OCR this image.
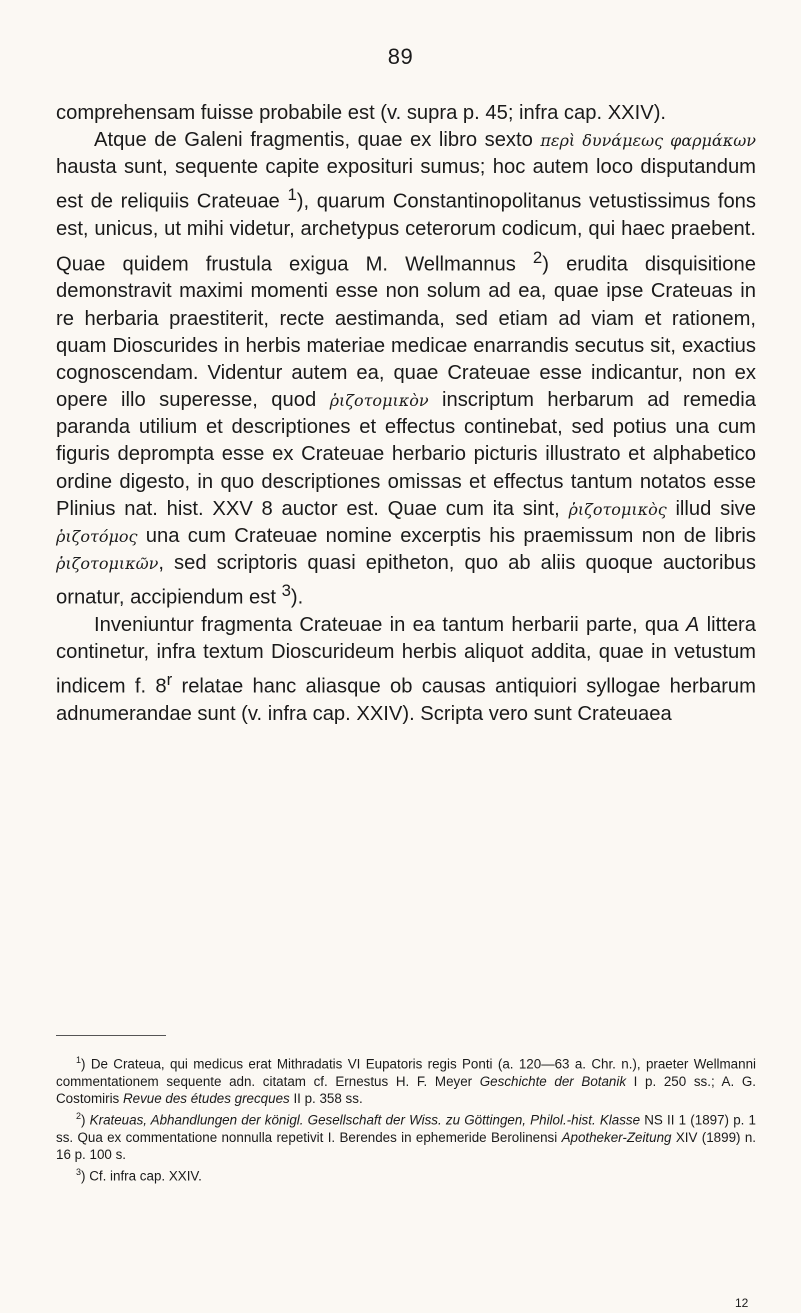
89

comprehensam fuisse probabile est (v. supra p. 45; infra cap. XXIV).

Atque de Galeni fragmentis, quae ex libro sexto περὶ δυνάμεως φαρμάκων hausta sunt, sequente capite exposituri sumus; hoc autem loco disputandum est de reliquiis Crateuae $^1$), quarum Constantinopolitanus vetustissimus fons est, unicus, ut mihi videtur, archetypus ceterorum codicum, qui haec praebent. Quae quidem frustula exigua M. Wellmannus $^2$) erudita disquisitione demonstravit maximi momenti esse non solum ad ea, quae ipse Crateuas in re herbaria praestiterit, recte aestimanda, sed etiam ad viam et rationem, quam Dioscurides in herbis materiae medicae enarrandis secutus sit, exactius cognoscendam. Videntur autem ea, quae Crateuae esse indicantur, non ex opere illo superesse, quod ῥιζοτομικὸν inscriptum herbarum ad remedia paranda utilium et descriptiones et effectus continebat, sed potius una cum figuris deprompta esse ex Crateuae herbario picturis illustrato et alphabetico ordine digesto, in quo descriptiones omissas et effectus tantum notatos esse Plinius nat. hist. XXV 8 auctor est. Quae cum ita sint, ῥιζοτομικὸς illud sive ῥιζοτόμος una cum Crateuae nomine excerptis his praemissum non de libris ῥιζοτομικῶν, sed scriptoris quasi epitheton, quo ab aliis quoque auctoribus ornatur, accipiendum est $^3$).

Inveniuntur fragmenta Crateuae in ea tantum herbarii parte, qua A littera continetur, infra textum Dioscurideum herbis aliquot addita, quae in vetustum indicem f. 8$^r$ relatae hanc aliasque ob causas antiquiori syllogae herbarum adnumerandae sunt (v. infra cap. XXIV). Scripta vero sunt Crateuaea

$^1$) De Crateua, qui medicus erat Mithradatis VI Eupatoris regis Ponti (a. 120—63 a. Chr. n.), praeter Wellmanni commentationem sequente adn. citatam cf. Ernestus H. F. Meyer Geschichte der Botanik I p. 250 ss.; A. G. Costomiris Revue des études grecques II p. 358 ss.

$^2$) Krateuas, Abhandlungen der königl. Gesellschaft der Wiss. zu Göttingen, Philol.-hist. Klasse NS II 1 (1897) p. 1 ss. Qua ex commentatione nonnulla repetivit I. Berendes in ephemeride Berolinensi Apotheker-Zeitung XIV (1899) n. 16 p. 100 s.

$^3$) Cf. infra cap. XXIV.

12
